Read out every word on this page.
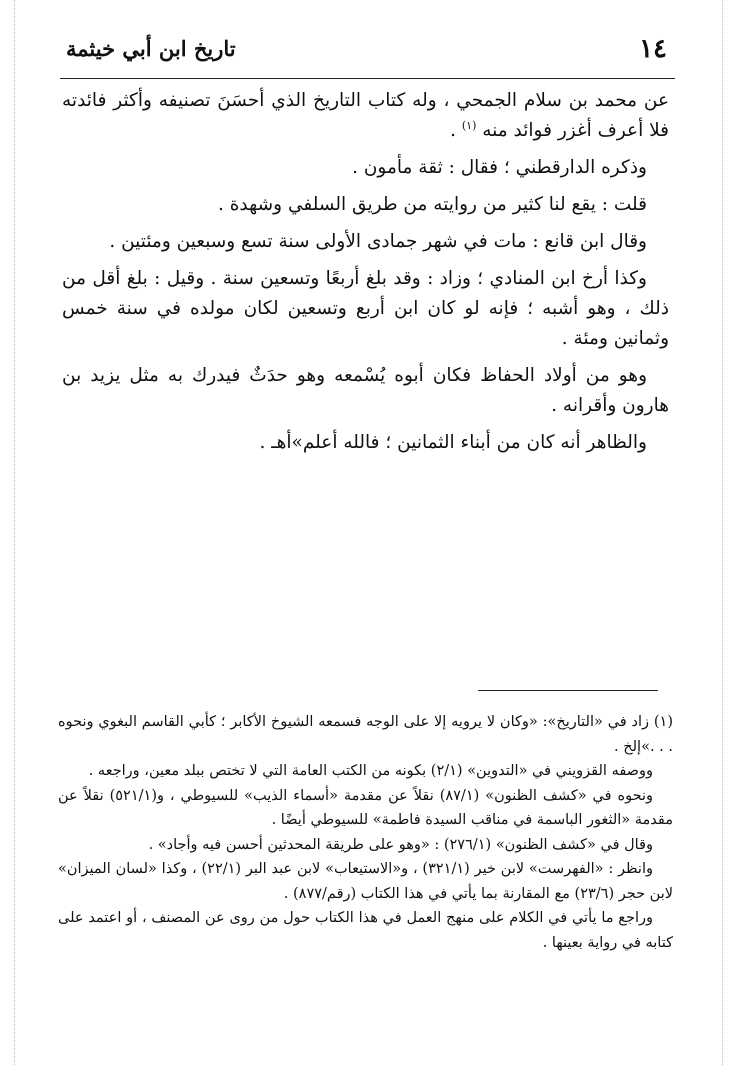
١٤
تاريخ ابن أبي خيثمة

عن محمد بن سلام الجمحي ، وله كتاب التاريخ الذي أحسَنَ تصنيفه وأكثر فائدته فلا أعرف أغزر فوائد منه $^{(١)}$ .

وذكره الدارقطني ؛ فقال : ثقة مأمون .

قلت : يقع لنا كثير من روايته من طريق السلفي وشهدة .

وقال ابن قانع : مات في شهر جمادى الأولى سنة تسع وسبعين ومئتين .

وكذا أرخ ابن المنادي ؛ وزاد : وقد بلغ أربعًا وتسعين سنة . وقيل : بلغ أقل من ذلك ، وهو أشبه ؛ فإنه لو كان ابن أربع وتسعين لكان مولده في سنة خمس وثمانين ومئة .

وهو من أولاد الحفاظ فكان أبوه يُسْمعه وهو حدَثٌ فيدرك به مثل يزيد بن هارون وأقرانه .

والظاهر أنه كان من أبناء الثمانين ؛ فالله أعلم»أهـ .

(١) زاد في «التاريخ»: «وكان لا يرويه إلا على الوجه فسمعه الشيوخ الأكابر ؛ كأبي القاسم البغوي ونحوه . . .»إلخ .

ووصفه القزويني في «التدوين» (٢/١) بكونه من الكتب العامة التي لا تختص ببلد معين، وراجعه .

ونحوه في «كشف الظنون» (٨٧/١) نقلاً عن مقدمة «أسماء الذيب» للسيوطي ، و(٥٢١/١) نقلاً عن مقدمة «الثغور الباسمة في مناقب السيدة فاطمة» للسيوطي أيضًا .

وقال في «كشف الظنون» (٢٧٦/١) : «وهو على طريقة المحدثين أحسن فيه وأجاد» .

وانظر : «الفهرست» لابن خير (٣٢١/١) ، و«الاستيعاب» لابن عبد البر (٢٢/١) ، وكذا «لسان الميزان» لابن حجر (٢٣/٦) مع المقارنة بما يأتي في هذا الكتاب (رقم/٨٧٧) .

وراجع ما يأتي في الكلام على منهج العمل في هذا الكتاب حول من روى عن المصنف ، أو اعتمد على كتابه في رواية بعينها .
